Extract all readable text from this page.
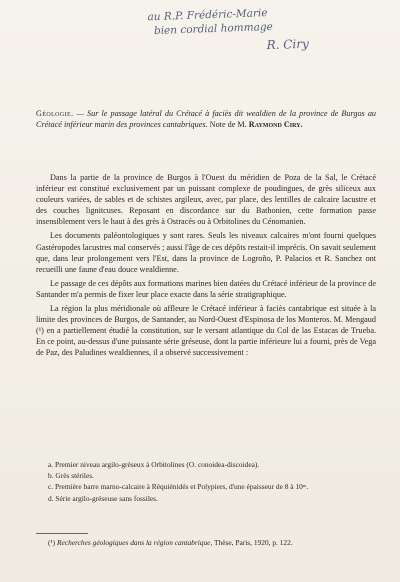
au R.P. Frédéric-Marie
bien cordial hommage
R. Ciry
Géologie. — Sur le passage latéral du Crétacé à faciès dit wealdien de la province de Burgos au Crétacé inférieur marin des provinces cantabriques. Note de M. Raymond Ciry.

Dans la partie de la province de Burgos à l'Ouest du méridien de Poza de la Sal, le Crétacé inférieur est constitué exclusivement par un puissant complexe de poudingues, de grès siliceux aux couleurs variées, de sables et de schistes argileux, avec, par place, des lentilles de calcaire lacustre et des couches lignitcuses. Reposant en discordance sur du Bathonien, cette formation passe insensiblement vers le haut à des grès à Ostracés ou à Orbitolines du Cénomanien.

Les documents paléontologiques y sont rares. Seuls les niveaux calcaires m'ont fourni quelques Gastéropodes lacustres mal conservés ; aussi l'âge de ces dépôts restait-il imprécis. On savait seulement que, dans leur prolongement vers l'Est, dans la province de Logroño, P. Palacios et R. Sanchez ont recueilli une faune d'eau douce wealdienne.

Le passage de ces dépôts aux formations marines bien datées du Crétacé inférieur de la province de Santander m'a permis de fixer leur place exacte dans la série stratigraphique.

La région la plus méridionale où affleure le Crétacé inférieur à faciès cantabrique est située à la limite des provinces de Burgos, de Santander, au Nord-Ouest d'Espinosa de los Monteros. M. Mengaud (¹) en a partiellement étudié la constitution, sur le versant atlantique du Col de las Estacas de Trueba. En ce point, au-dessus d'une puissante série gréseuse, dont la partie inférieure lui a fourni, près de Vega de Paz, des Paludines wealdiennes, il a observé successivement :

a. Premier niveau argilo-gréseux à Orbitolines (O. conoidea-discoidea).
b. Grès stériles.
c. Première barre marno-calcaire à Réquiénidés et Polypiers, d'une épaisseur de 8 à 10ᵐ.
d. Série argilo-gréseuse sans fossiles.
(¹) Recherches géologiques dans la région cantabrique, Thèse, Paris, 1920, p. 122.
